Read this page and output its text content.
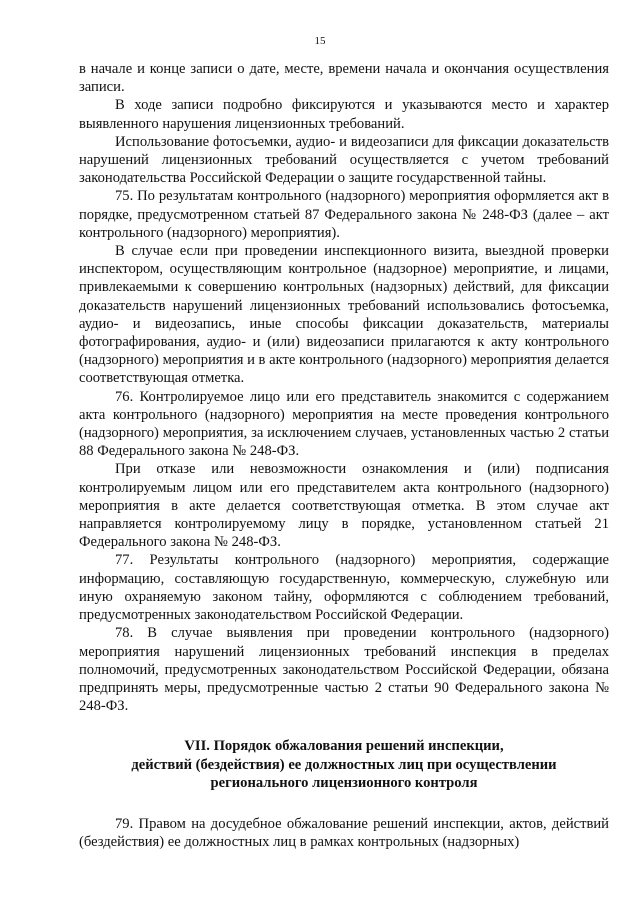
15

в начале и конце записи о дате, месте, времени начала и окончания осуществления записи.

В ходе записи подробно фиксируются и указываются место и характер выявленного нарушения лицензионных требований.

Использование фотосъемки, аудио- и видеозаписи для фиксации доказательств нарушений лицензионных требований осуществляется с учетом требований законодательства Российской Федерации о защите государственной тайны.

75. По результатам контрольного (надзорного) мероприятия оформляется акт в порядке, предусмотренном статьей 87 Федерального закона № 248-ФЗ (далее – акт контрольного (надзорного) мероприятия).

В случае если при проведении инспекционного визита, выездной проверки инспектором, осуществляющим контрольное (надзорное) мероприятие, и лицами, привлекаемыми к совершению контрольных (надзорных) действий, для фиксации доказательств нарушений лицензионных требований использовались фотосъемка, аудио- и видеозапись, иные способы фиксации доказательств, материалы фотографирования, аудио- и (или) видеозаписи прилагаются к акту контрольного (надзорного) мероприятия и в акте контрольного (надзорного) мероприятия делается соответствующая отметка.

76. Контролируемое лицо или его представитель знакомится с содержанием акта контрольного (надзорного) мероприятия на месте проведения контрольного (надзорного) мероприятия, за исключением случаев, установленных частью 2 статьи 88 Федерального закона № 248-ФЗ.

При отказе или невозможности ознакомления и (или) подписания контролируемым лицом или его представителем акта контрольного (надзорного) мероприятия в акте делается соответствующая отметка. В этом случае акт направляется контролируемому лицу в порядке, установленном статьей 21 Федерального закона № 248-ФЗ.

77. Результаты контрольного (надзорного) мероприятия, содержащие информацию, составляющую государственную, коммерческую, служебную или иную охраняемую законом тайну, оформляются с соблюдением требований, предусмотренных законодательством Российской Федерации.

78. В случае выявления при проведении контрольного (надзорного) мероприятия нарушений лицензионных требований инспекция в пределах полномочий, предусмотренных законодательством Российской Федерации, обязана предпринять меры, предусмотренные частью 2 статьи 90 Федерального закона № 248-ФЗ.

VII. Порядок обжалования решений инспекции,
действий (бездействия) ее должностных лиц при осуществлении
регионального лицензионного контроля

79. Правом на досудебное обжалование решений инспекции, актов, действий (бездействия) ее должностных лиц в рамках контрольных (надзорных)
